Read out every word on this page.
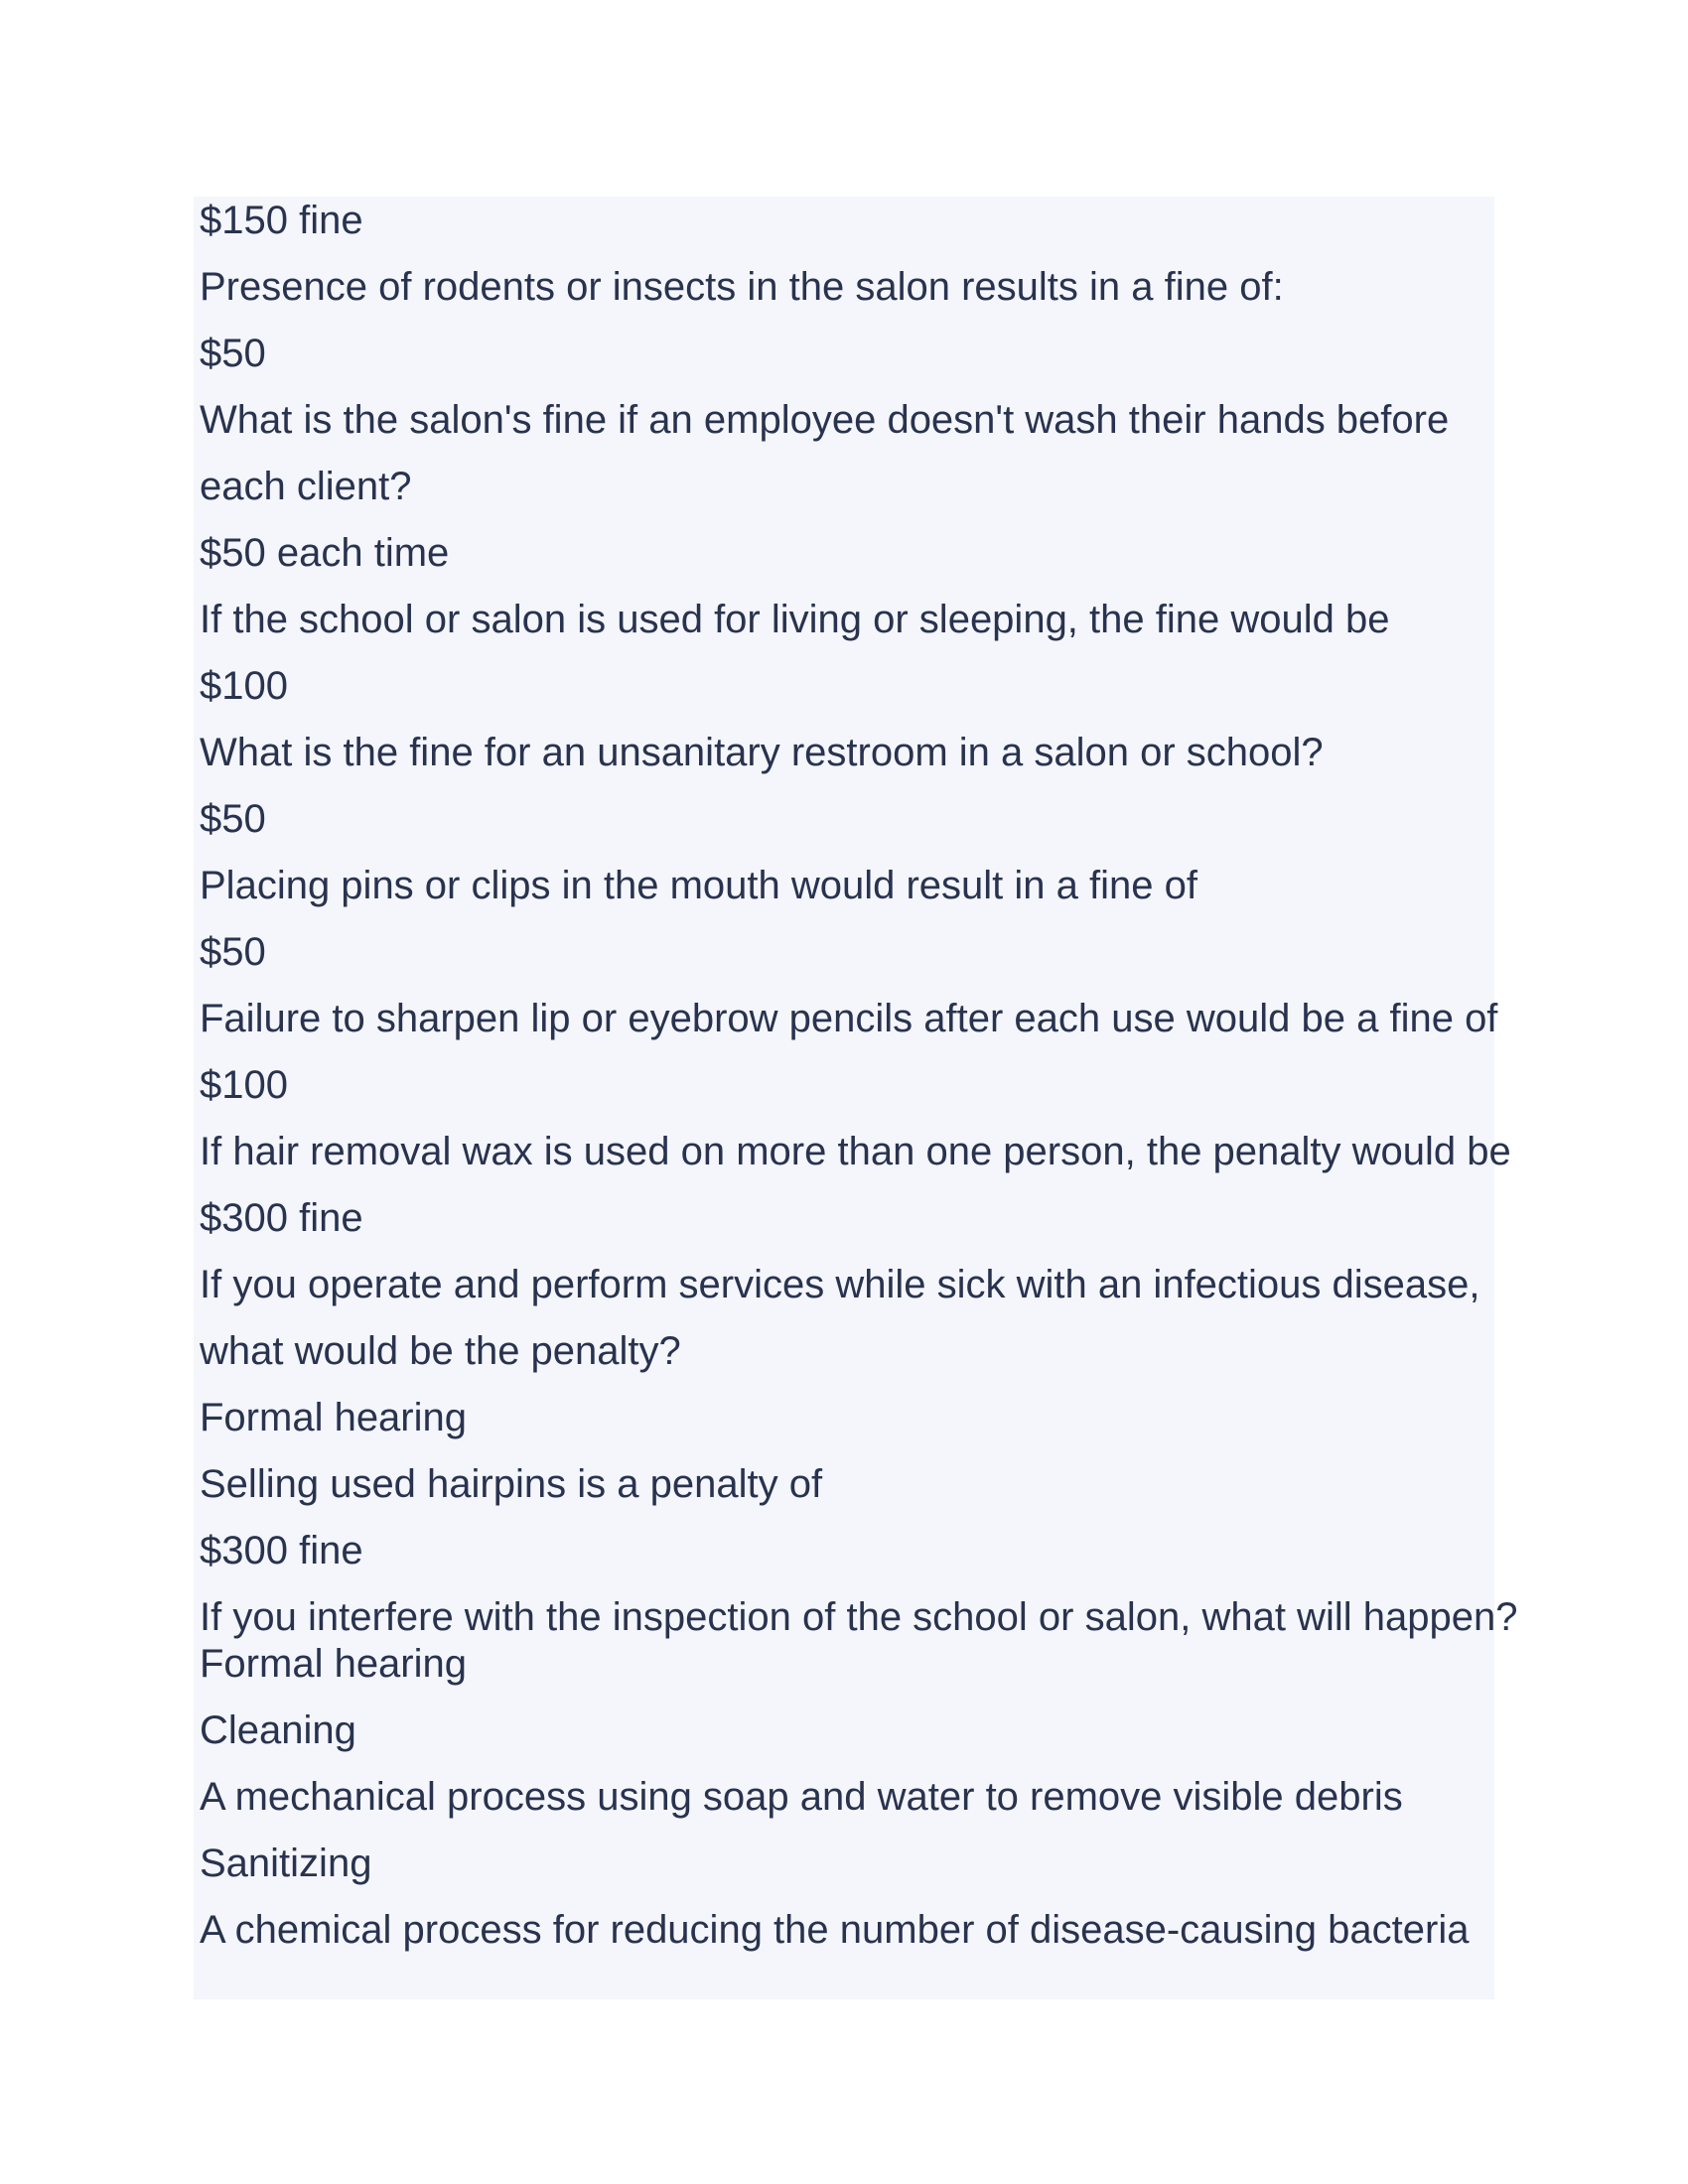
$150 fine

Presence of rodents or insects in the salon results in a fine of:

$50

What is the salon's fine if an employee doesn't wash their hands before

each client?

$50 each time

If the school or salon is used for living or sleeping, the fine would be

$100

What is the fine for an unsanitary restroom in a salon or school?

$50

Placing pins or clips in the mouth would result in a fine of

$50

Failure to sharpen lip or eyebrow pencils after each use would be a fine of

$100

If hair removal wax is used on more than one person, the penalty would be

$300 fine

If you operate and perform services while sick with an infectious disease,

what would be the penalty?

Formal hearing

Selling used hairpins is a penalty of

$300 fine

If you interfere with the inspection of the school or salon, what will happen?

Formal hearing

Cleaning

A mechanical process using soap and water to remove visible debris

Sanitizing

A chemical process for reducing the number of disease-causing bacteria
